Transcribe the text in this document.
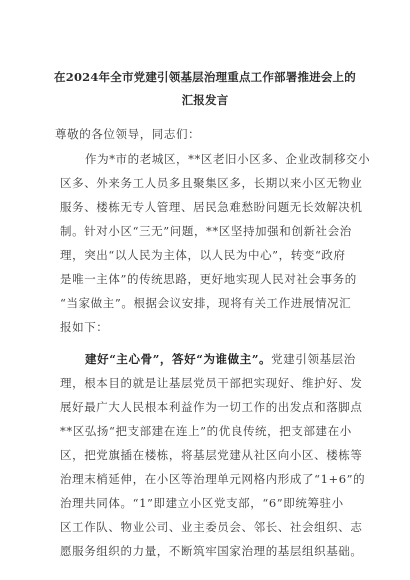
在2024年全市党建引领基层治理重点工作部署推进会上的
汇报发言
尊敬的各位领导，同志们：
作为*市的老城区，**区老旧小区多、企业改制移交小
区多、外来务工人员多且聚集区多，长期以来小区无物业
服务、楼栋无专人管理、居民急难愁盼问题无长效解决机
制。针对小区“三无”问题，**区坚持加强和创新社会治
理，突出“以人民为主体，以人民为中心”，转变“政府
是唯一主体”的传统思路，更好地实现人民对社会事务的
“当家做主”。根据会议安排，现将有关工作进展情况汇
报如下：
建好“主心骨”，答好“为谁做主”。党建引领基层治
理，根本目的就是让基层党员干部把实现好、维护好、发
展好最广大人民根本利益作为一切工作的出发点和落脚点
**区弘扬“把支部建在连上”的优良传统，把支部建在小
区，把党旗插在楼栋，将基层党建从社区向小区、楼栋等
治理末梢延伸，在小区等治理单元网格内形成了“1+6”的
治理共同体。“1”即建立小区党支部，“6”即统筹驻小
区工作队、物业公司、业主委员会、邻长、社会组织、志
愿服务组织的力量，不断筑牢国家治理的基层组织基础。
